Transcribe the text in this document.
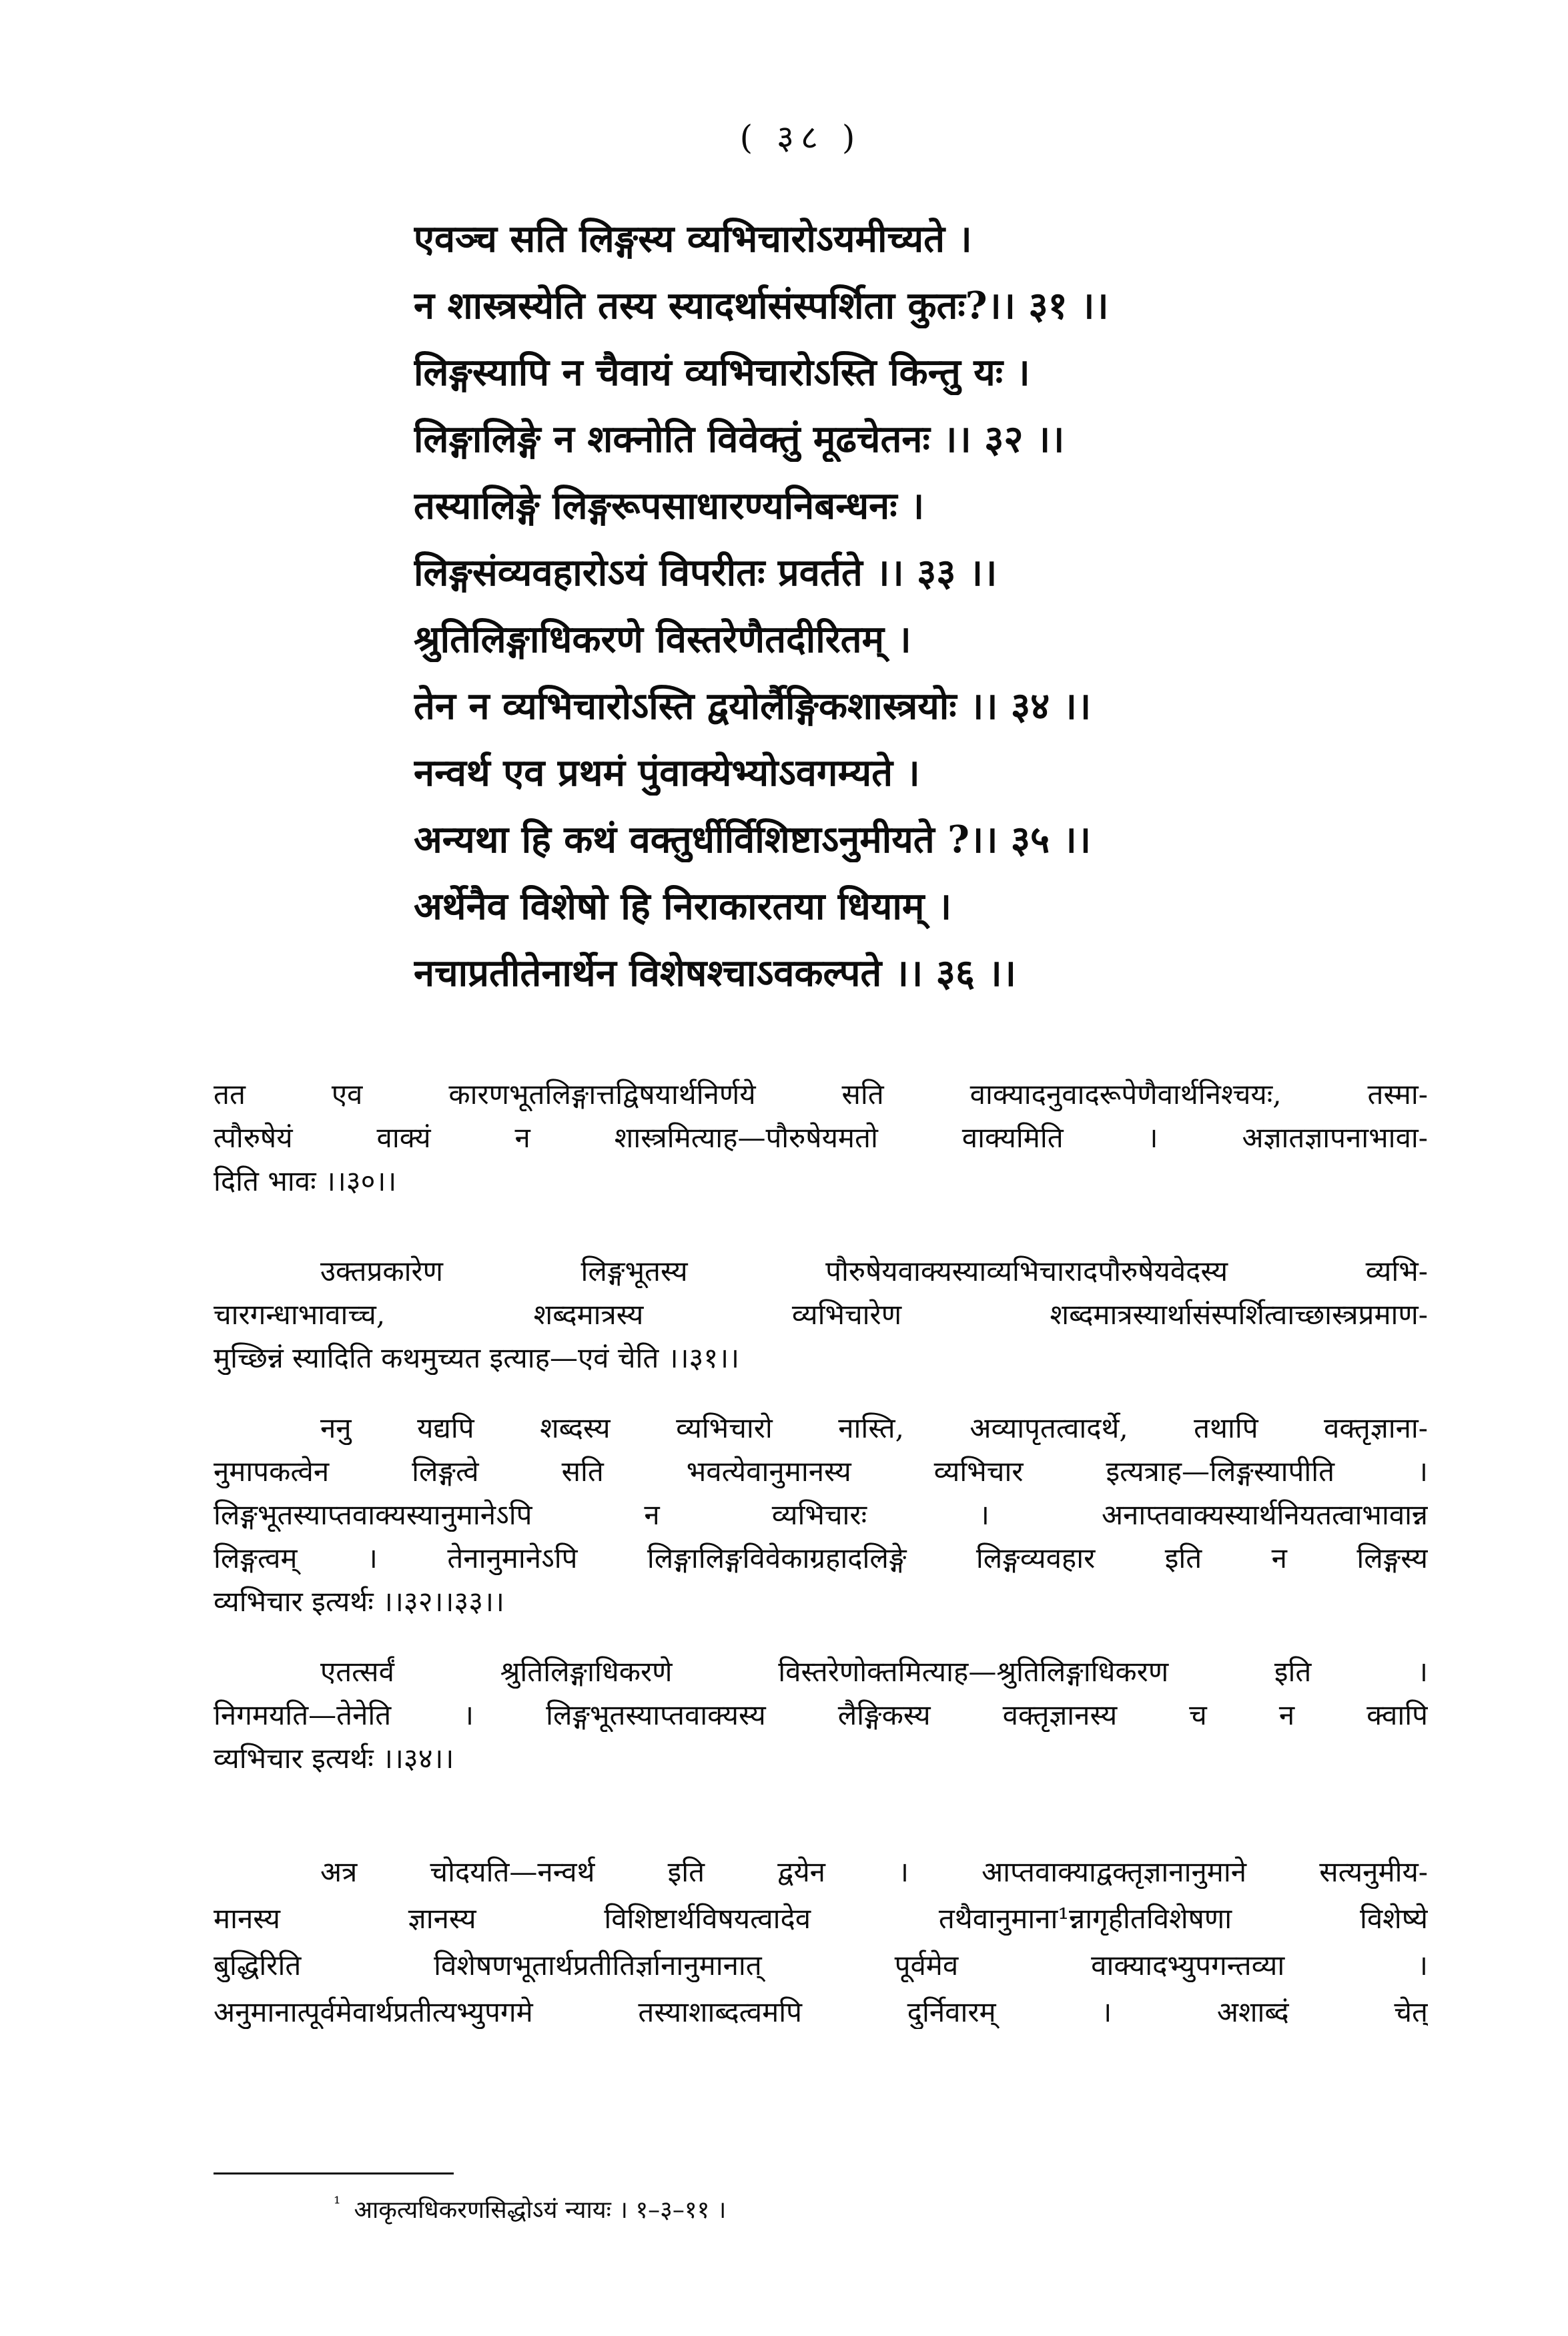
( ३८ )
एवञ्च सति लिङ्गस्य व्यभिचारोऽयमीच्यते ।
न शास्त्रस्येति तस्य स्यादर्थासंस्पर्शिता कुतः?।। ३१ ।।
लिङ्गस्यापि न चैवायं व्यभिचारोऽस्ति किन्तु यः ।
लिङ्गालिङ्गे न शक्नोति विवेक्तुं मूढचेतनः ।। ३२ ।।
तस्यालिङ्गे लिङ्गरूपसाधारण्यनिबन्धनः ।
लिङ्गसंव्यवहारोऽयं विपरीतः प्रवर्तते ।। ३३ ।।
श्रुतिलिङ्गाधिकरणे विस्तरेणैतदीरितम् ।
तेन न व्यभिचारोऽस्ति द्वयोर्लैङ्गिकशास्त्रयोः ।। ३४ ।।
नन्वर्थ एव प्रथमं पुंवाक्येभ्योऽवगम्यते ।
अन्यथा हि कथं वक्तुर्धीर्विशिष्टाऽनुमीयते ?।। ३५ ।।
अर्थेनैव विशेषो हि निराकारतया धियाम् ।
नचाप्रतीतेनार्थेन विशेषश्चाऽवकल्पते ।। ३६ ।।
तत एव कारणभूतलिङ्गात्तद्विषयार्थनिर्णये सति वाक्यादनुवादरूपेणैवार्थनिश्चयः, तस्मा-
त्पौरुषेयं वाक्यं न शास्त्रमित्याह—पौरुषेयमतो वाक्यमिति । अज्ञातज्ञापनाभावा-
दिति भावः ।।३०।।
उक्तप्रकारेण लिङ्गभूतस्य पौरुषेयवाक्यस्याव्यभिचारादपौरुषेयवेदस्य व्यभि-
चारगन्धाभावाच्च, शब्दमात्रस्य व्यभिचारेण शब्दमात्रस्यार्थासंस्पर्शित्वाच्छास्त्रप्रमाण-
मुच्छिन्नं स्यादिति कथमुच्यत इत्याह—एवं चेति ।।३१।।
ननु यद्यपि शब्दस्य व्यभिचारो नास्ति, अव्यापृतत्वादर्थे, तथापि वक्तृज्ञाना-
नुमापकत्वेन लिङ्गत्वे सति भवत्येवानुमानस्य व्यभिचार इत्यत्राह—लिङ्गस्यापीति ।
लिङ्गभूतस्याप्तवाक्यस्यानुमानेऽपि न व्यभिचारः । अनाप्तवाक्यस्यार्थनियतत्वाभावान्न
लिङ्गत्वम् । तेनानुमानेऽपि लिङ्गालिङ्गविवेकाग्रहादलिङ्गे लिङ्गव्यवहार इति न लिङ्गस्य
व्यभिचार इत्यर्थः ।।३२।।३३।।
एतत्सर्वं श्रुतिलिङ्गाधिकरणे विस्तरेणोक्तमित्याह—श्रुतिलिङ्गाधिकरण इति ।
निगमयति—तेनेति । लिङ्गभूतस्याप्तवाक्यस्य लैङ्गिकस्य वक्तृज्ञानस्य च न क्वापि
व्यभिचार इत्यर्थः ।।३४।।
अत्र चोदयति—नन्वर्थ इति द्वयेन । आप्तवाक्याद्वक्तृज्ञानानुमाने सत्यनुमीय-
मानस्य ज्ञानस्य विशिष्टार्थविषयत्वादेव तथैवानुमाना¹न्नागृहीतविशेषणा विशेष्ये
बुद्धिरिति विशेषणभूतार्थप्रतीतिर्ज्ञानानुमानात् पूर्वमेव वाक्यादभ्युपगन्तव्या ।
अनुमानात्पूर्वमेवार्थप्रतीत्यभ्युपगमे तस्याशाब्दत्वमपि दुर्निवारम् । अशाब्दं चेत्
$^{^1}$ आकृत्यधिकरणसिद्धोऽयं न्यायः । १–३–११ ।
